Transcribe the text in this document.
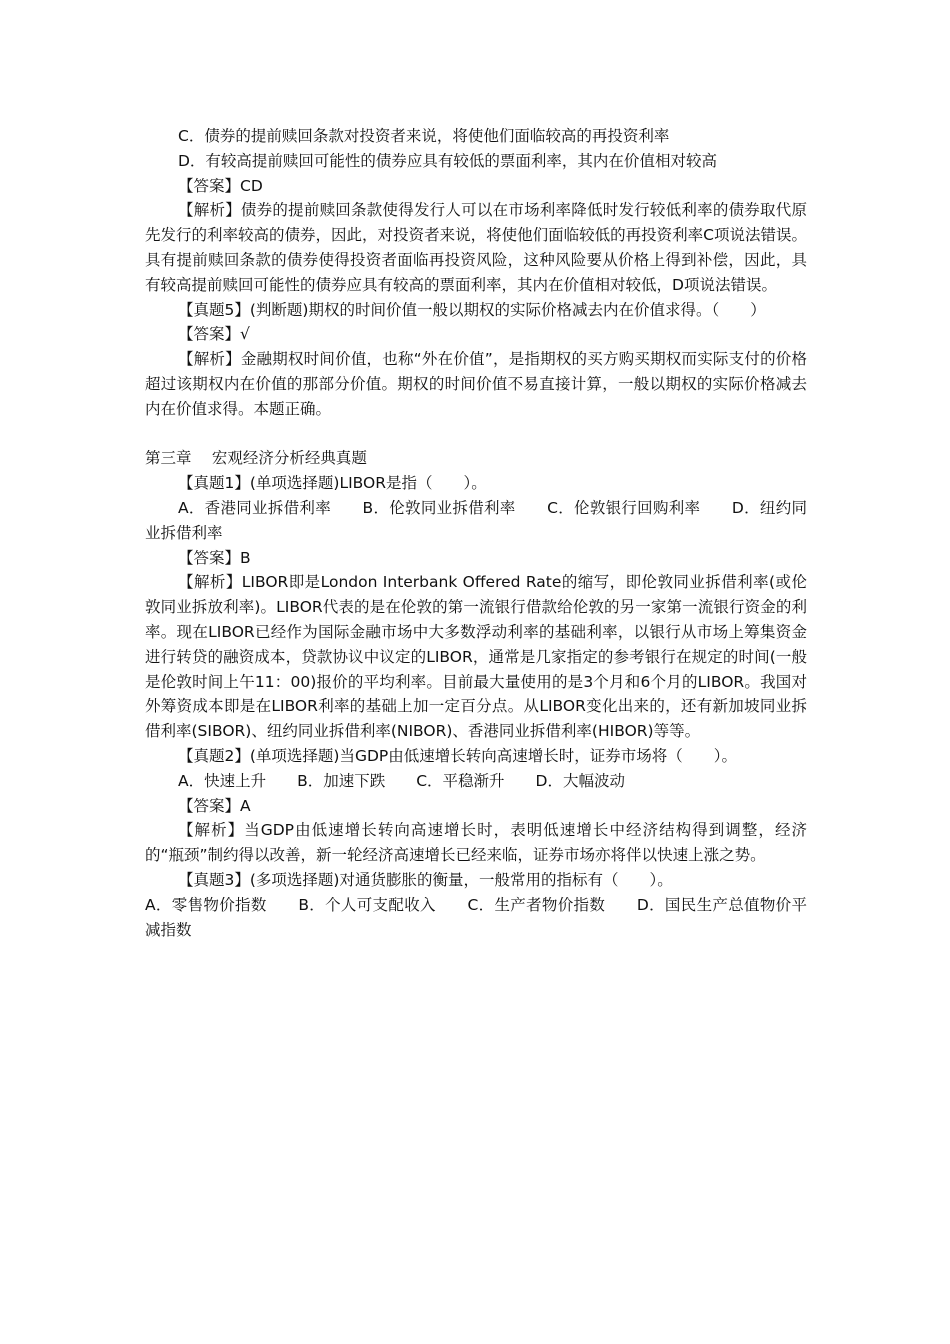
C．债券的提前赎回条款对投资者来说，将使他们面临较高的再投资利率

D．有较高提前赎回可能性的债券应具有较低的票面利率，其内在价值相对较高

【答案】CD

【解析】债券的提前赎回条款使得发行人可以在市场利率降低时发行较低利率的债券取代原先发行的利率较高的债券，因此，对投资者来说，将使他们面临较低的再投资利率C项说法错误。具有提前赎回条款的债券使得投资者面临再投资风险，这种风险要从价格上得到补偿，因此，具有较高提前赎回可能性的债券应具有较高的票面利率，其内在价值相对较低，D项说法错误。

【真题5】(判断题)期权的时间价值一般以期权的实际价格减去内在价值求得。（　　）

【答案】√

【解析】金融期权时间价值，也称“外在价值”，是指期权的买方购买期权而实际支付的价格超过该期权内在价值的那部分价值。期权的时间价值不易直接计算，一般以期权的实际价格减去内在价值求得。本题正确。

第三章　 宏观经济分析经典真题

【真题1】(单项选择题)LIBOR是指（　　）。

A．香港同业拆借利率　　B．伦敦同业拆借利率　　C．伦敦银行回购利率　　D．纽约同业拆借利率

【答案】B

【解析】LIBOR即是London Interbank Offered Rate的缩写，即伦敦同业拆借利率(或伦敦同业拆放利率)。LIBOR代表的是在伦敦的第一流银行借款给伦敦的另一家第一流银行资金的利率。现在LIBOR已经作为国际金融市场中大多数浮动利率的基础利率，以银行从市场上筹集资金进行转贷的融资成本，贷款协议中议定的LIBOR，通常是几家指定的参考银行在规定的时间(一般是伦敦时间上午11：00)报价的平均利率。目前最大量使用的是3个月和6个月的LIBOR。我国对外筹资成本即是在LIBOR利率的基础上加一定百分点。从LIBOR变化出来的，还有新加坡同业拆借利率(SIBOR)、纽约同业拆借利率(NIBOR)、香港同业拆借利率(HIBOR)等等。

【真题2】(单项选择题)当GDP由低速增长转向高速增长时，证券市场将（　　）。

A．快速上升　　B．加速下跌　　C．平稳渐升　　D．大幅波动

【答案】A

【解析】当GDP由低速增长转向高速增长时，表明低速增长中经济结构得到调整，经济的“瓶颈”制约得以改善，新一轮经济高速增长已经来临，证券市场亦将伴以快速上涨之势。

【真题3】(多项选择题)对通货膨胀的衡量，一般常用的指标有（　　）。

A．零售物价指数　　B．个人可支配收入　　C．生产者物价指数　　D．国民生产总值物价平减指数
